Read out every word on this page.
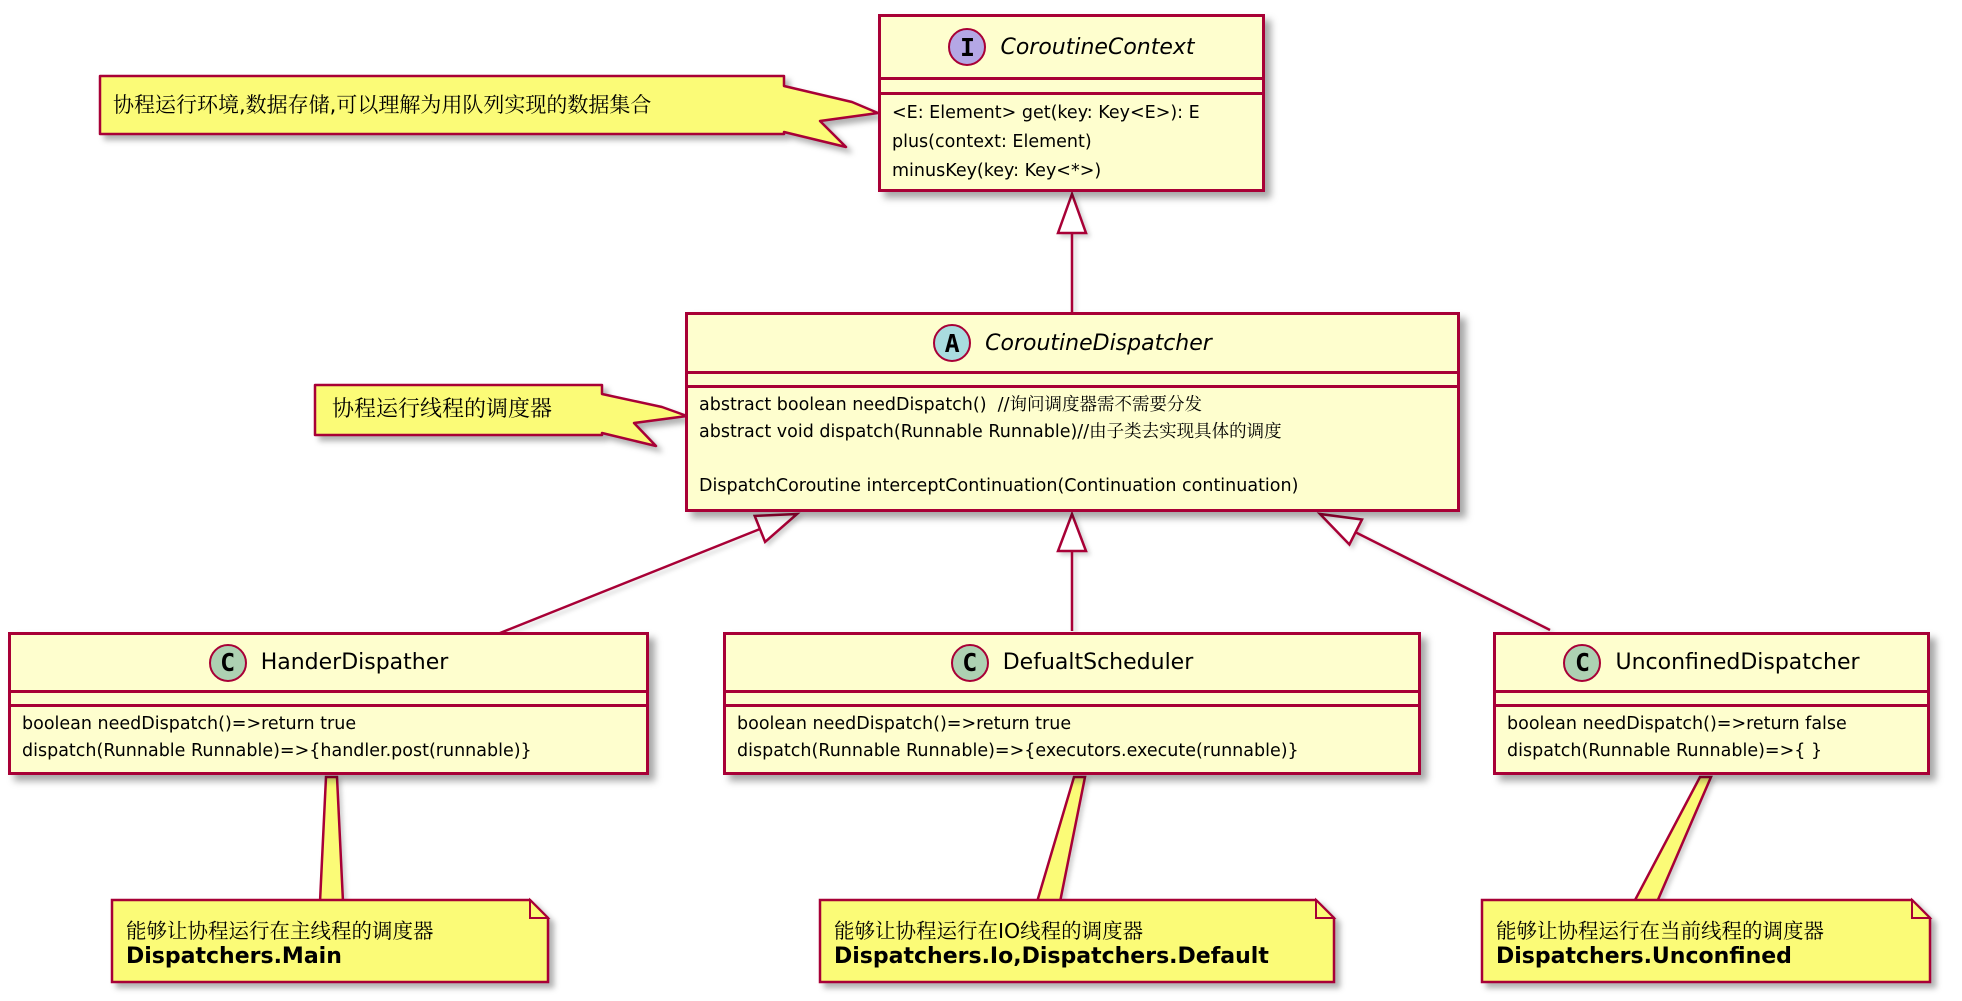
I	CoroutineContext
<E: Element> get(key: Key<E>): E
plus(context: Element)
minusKey(key: Key<*>)
A	CoroutineDispatcher
abstract boolean needDispatch()  //询问调度器需不需要分发
abstract void dispatch(Runnable Runnable)//由子类去实现具体的调度
DispatchCoroutine interceptContinuation(Continuation continuation)
C	HanderDispather
boolean needDispatch()=>return true
dispatch(Runnable Runnable)=>{handler.post(runnable)}
C	DefualtScheduler
boolean needDispatch()=>return true
dispatch(Runnable Runnable)=>{executors.execute(runnable)}
C	UnconfinedDispatcher
boolean needDispatch()=>return false
dispatch(Runnable Runnable)=>{ }
协程运行环境,数据存储,可以理解为用队列实现的数据集合
协程运行线程的调度器
能够让协程运行在主线程的调度器
Dispatchers.Main
能够让协程运行在IO线程的调度器
Dispatchers.Io,Dispatchers.Default
能够让协程运行在当前线程的调度器
Dispatchers.Unconfined
